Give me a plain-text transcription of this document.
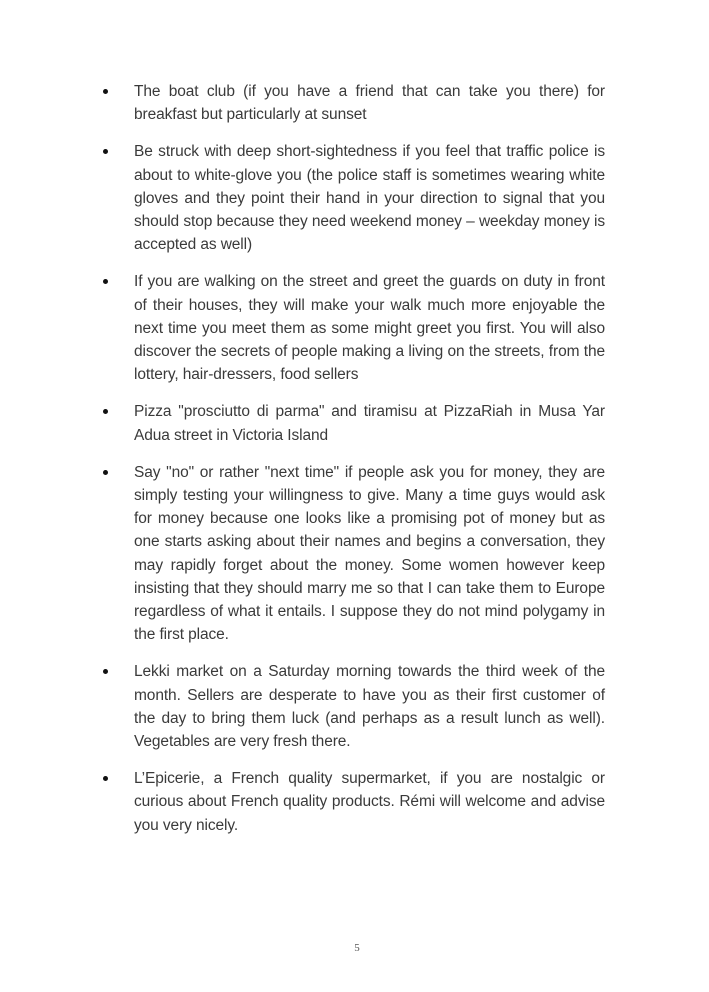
The boat club (if you have a friend that can take you there) for breakfast but particularly at sunset
Be struck with deep short-sightedness if you feel that traffic police is about to white-glove you (the police staff is sometimes wearing white gloves and they point their hand in your direction to signal that you should stop because they need weekend money – weekday money is accepted as well)
If you are walking on the street and greet the guards on duty in front of their houses, they will make your walk much more enjoyable the next time you meet them as some might greet you first. You will also discover the secrets of people making a living on the streets, from the lottery, hair-dressers, food sellers
Pizza "prosciutto di parma" and tiramisu at PizzaRiah in Musa Yar Adua street in Victoria Island
Say "no" or rather "next time" if people ask you for money, they are simply testing your willingness to give. Many a time guys would ask for money because one looks like a promising pot of money but as one starts asking about their names and begins a conversation, they may rapidly forget about the money. Some women however keep insisting that they should marry me so that I can take them to Europe regardless of what it entails. I suppose they do not mind polygamy in the first place.
Lekki market on a Saturday morning towards the third week of the month. Sellers are desperate to have you as their first customer of the day to bring them luck (and perhaps as a result lunch as well). Vegetables are very fresh there.
L’Epicerie, a French quality supermarket, if you are nostalgic or curious about French quality products. Rémi will welcome and advise you very nicely.
5
